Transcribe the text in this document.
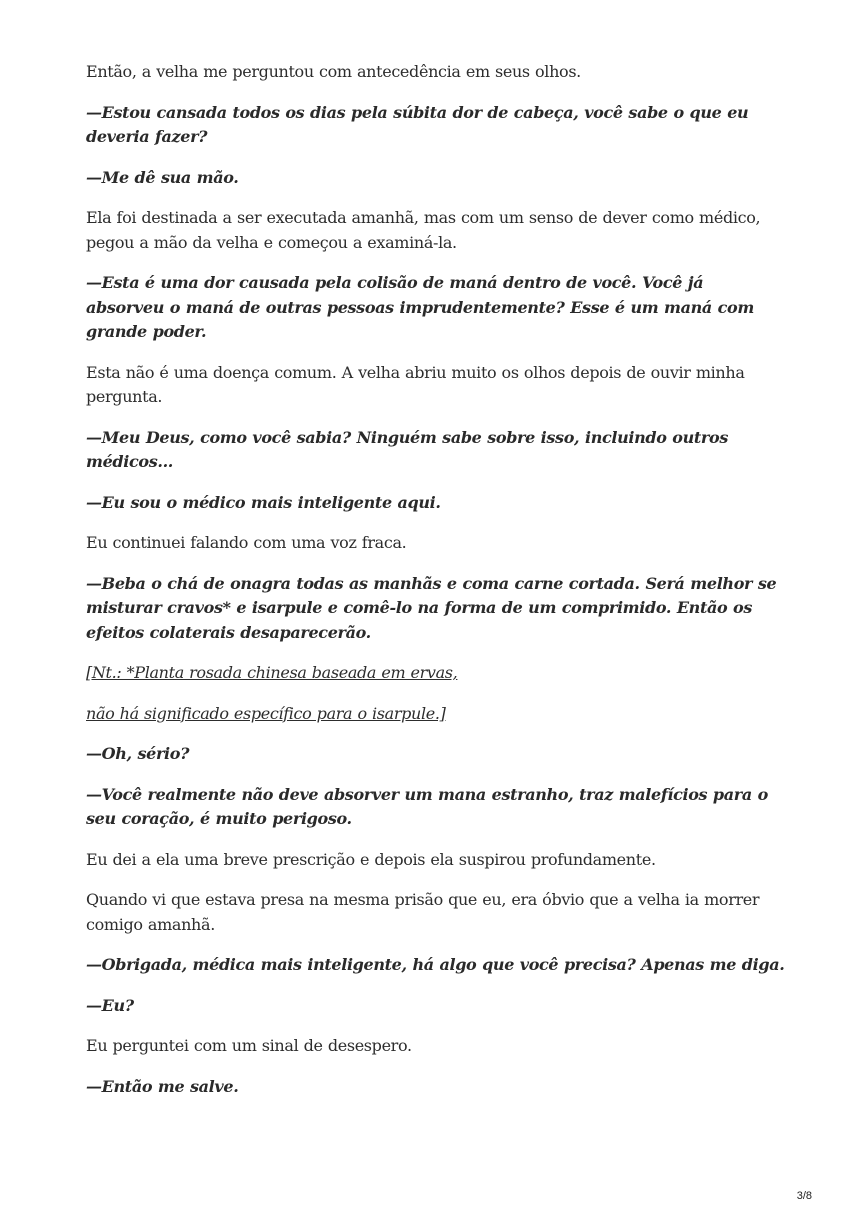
Então, a velha me perguntou com antecedência em seus olhos.

—Estou cansada todos os dias pela súbita dor de cabeça, você sabe o que eu deveria fazer?

—Me dê sua mão.

Ela foi destinada a ser executada amanhã, mas com um senso de dever como médico, pegou a mão da velha e começou a examiná-la.

—Esta é uma dor causada pela colisão de maná dentro de você. Você já absorveu o maná de outras pessoas imprudentemente? Esse é um maná com grande poder.

Esta não é uma doença comum. A velha abriu muito os olhos depois de ouvir minha pergunta.

—Meu Deus, como você sabia? Ninguém sabe sobre isso, incluindo outros médicos...

—Eu sou o médico mais inteligente aqui.

Eu continuei falando com uma voz fraca.

—Beba o chá de onagra todas as manhãs e coma carne cortada. Será melhor se misturar cravos* e isarpule e comê-lo na forma de um comprimido. Então os efeitos colaterais desaparecerão.

[Nt.: *Planta rosada chinesa baseada em ervas,

não há significado específico para o isarpule.]

—Oh, sério?

—Você realmente não deve absorver um mana estranho, traz malefícios para o seu coração, é muito perigoso.

Eu dei a ela uma breve prescrição e depois ela suspirou profundamente.

Quando vi que estava presa na mesma prisão que eu, era óbvio que a velha ia morrer comigo amanhã.

—Obrigada, médica mais inteligente, há algo que você precisa? Apenas me diga.

—Eu?

Eu perguntei com um sinal de desespero.

—Então me salve.

3/8
